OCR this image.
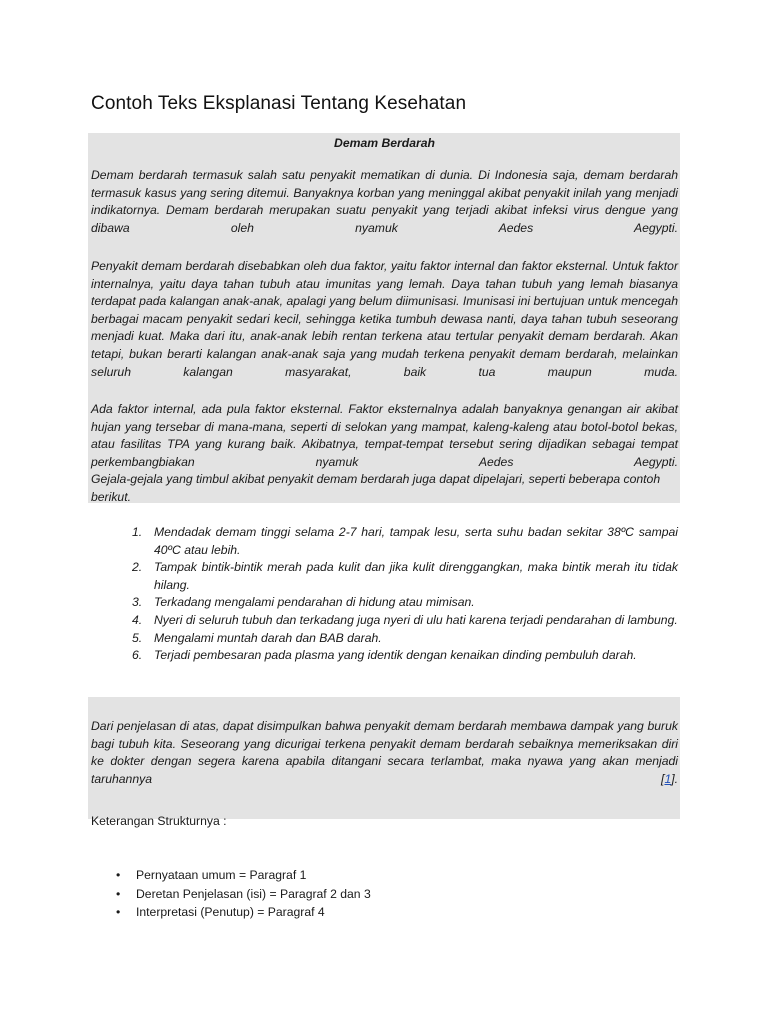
Contoh Teks Eksplanasi Tentang Kesehatan
Demam Berdarah

Demam berdarah termasuk salah satu penyakit mematikan di dunia. Di Indonesia saja, demam berdarah termasuk kasus yang sering ditemui. Banyaknya korban yang meninggal akibat penyakit inilah yang menjadi indikatornya. Demam berdarah merupakan suatu penyakit yang terjadi akibat infeksi virus dengue yang dibawa oleh nyamuk Aedes Aegypti.

Penyakit demam berdarah disebabkan oleh dua faktor, yaitu faktor internal dan faktor eksternal. Untuk faktor internalnya, yaitu daya tahan tubuh atau imunitas yang lemah. Daya tahan tubuh yang lemah biasanya terdapat pada kalangan anak-anak, apalagi yang belum diimunisasi. Imunisasi ini bertujuan untuk mencegah berbagai macam penyakit sedari kecil, sehingga ketika tumbuh dewasa nanti, daya tahan tubuh seseorang menjadi kuat. Maka dari itu, anak-anak lebih rentan terkena atau tertular penyakit demam berdarah. Akan tetapi, bukan berarti kalangan anak-anak saja yang mudah terkena penyakit demam berdarah, melainkan seluruh kalangan masyarakat, baik tua maupun muda.

Ada faktor internal, ada pula faktor eksternal. Faktor eksternalnya adalah banyaknya genangan air akibat hujan yang tersebar di mana-mana, seperti di selokan yang mampat, kaleng-kaleng atau botol-botol bekas, atau fasilitas TPA yang kurang baik. Akibatnya, tempat-tempat tersebut sering dijadikan sebagai tempat perkembangbiakan nyamuk Aedes Aegypti.
Gejala-gejala yang timbul akibat penyakit demam berdarah juga dapat dipelajari, seperti beberapa contoh berikut.

1. Mendadak demam tinggi selama 2-7 hari, tampak lesu, serta suhu badan sekitar 38ºC sampai 40ºC atau lebih.
2. Tampak bintik-bintik merah pada kulit dan jika kulit direnggangkan, maka bintik merah itu tidak hilang.
3. Terkadang mengalami pendarahan di hidung atau mimisan.
4. Nyeri di seluruh tubuh dan terkadang juga nyeri di ulu hati karena terjadi pendarahan di lambung.
5. Mengalami muntah darah dan BAB darah.
6. Terjadi pembesaran pada plasma yang identik dengan kenaikan dinding pembuluh darah.

Dari penjelasan di atas, dapat disimpulkan bahwa penyakit demam berdarah membawa dampak yang buruk bagi tubuh kita. Seseorang yang dicurigai terkena penyakit demam berdarah sebaiknya memeriksakan diri ke dokter dengan segera karena apabila ditangani secara terlambat, maka nyawa yang akan menjadi taruhannya [1].

Keterangan Strukturnya :

• Pernyataan umum = Paragraf 1
• Deretan Penjelasan (isi) = Paragraf 2 dan 3
• Interpretasi (Penutup) = Paragraf 4
